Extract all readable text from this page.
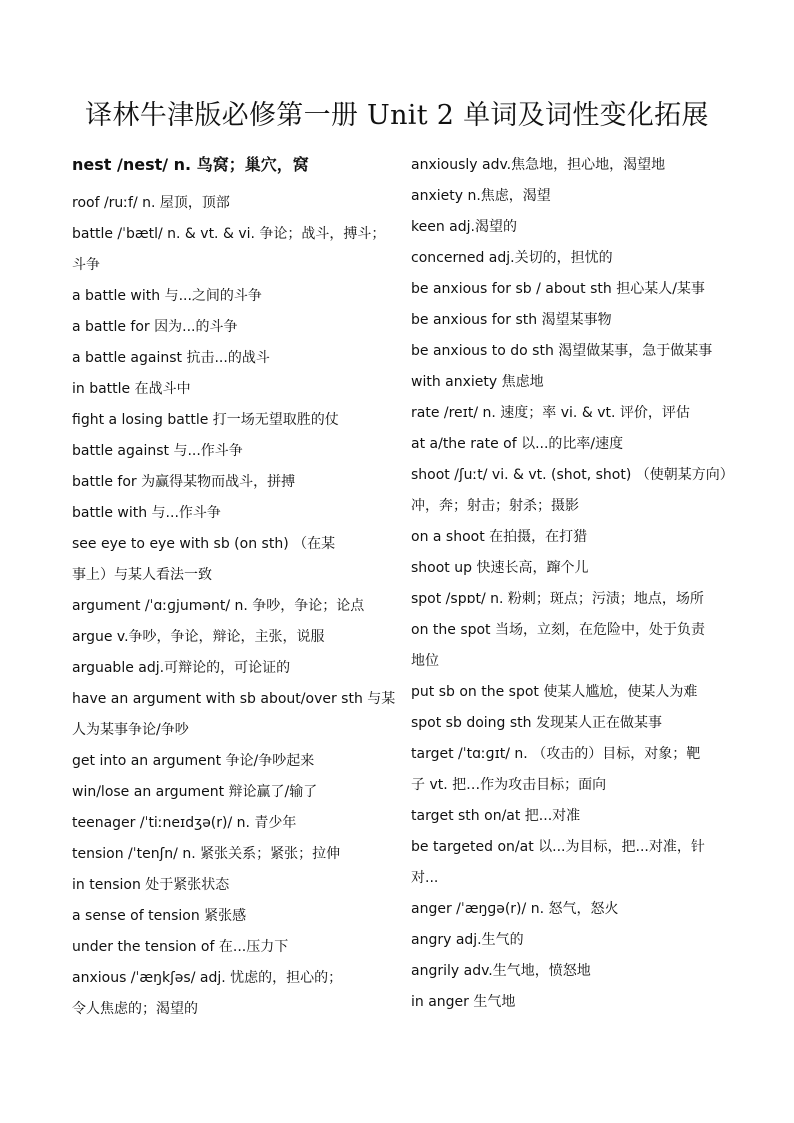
译林牛津版必修第一册 Unit 2 单词及词性变化拓展
nest /nest/ n. 鸟窝；巢穴，窝
roof /ruːf/ n. 屋顶，顶部
battle /ˈbætl/ n. & vt. & vi. 争论；战斗，搏斗；
斗争
a battle with 与...之间的斗争
a battle for 因为...的斗争
a battle against 抗击...的战斗
in battle 在战斗中
fight a losing battle 打一场无望取胜的仗
battle against 与...作斗争
battle for 为赢得某物而战斗，拼搏
battle with 与...作斗争
see eye to eye with sb (on sth) （在某
事上）与某人看法一致
argument /ˈɑːɡjumənt/ n. 争吵，争论；论点
argue v.争吵，争论，辩论，主张，说服
arguable adj.可辩论的，可论证的
have an argument with sb about/over sth 与某
人为某事争论/争吵
get into an argument 争论/争吵起来
win/lose an argument 辩论赢了/输了
teenager /ˈtiːneɪdʒə(r)/ n. 青少年
tension /ˈtenʃn/ n. 紧张关系；紧张；拉伸
in tension 处于紧张状态
a sense of tension 紧张感
under the tension of 在...压力下
anxious /ˈæŋkʃəs/ adj. 忧虑的，担心的；
令人焦虑的；渴望的
anxiously adv.焦急地，担心地，渴望地
anxiety n.焦虑，渴望
keen adj.渴望的
concerned adj.关切的，担忧的
be anxious for sb / about sth 担心某人/某事
be anxious for sth 渴望某事物
be anxious to do sth 渴望做某事，急于做某事
with anxiety 焦虑地
rate /reɪt/ n. 速度；率 vi. & vt. 评价，评估
at a/the rate of 以...的比率/速度
shoot /ʃuːt/ vi. & vt. (shot, shot) （使朝某方向）
冲，奔；射击；射杀；摄影
on a shoot 在拍摄，在打猎
shoot up 快速长高，蹿个儿
spot /spɒt/ n. 粉刺；斑点；污渍；地点，场所
on the spot 当场，立刻，在危险中，处于负责
地位
put sb on the spot 使某人尴尬，使某人为难
spot sb doing sth 发现某人正在做某事
target /ˈtɑːɡɪt/ n. （攻击的）目标，对象；靶
子 vt. 把…作为攻击目标；面向
target sth on/at 把...对准
be targeted on/at 以...为目标，把...对准，针
对...
anger /ˈæŋɡə(r)/ n. 怒气，怒火
angry adj.生气的
angrily adv.生气地，愤怒地
in anger 生气地
